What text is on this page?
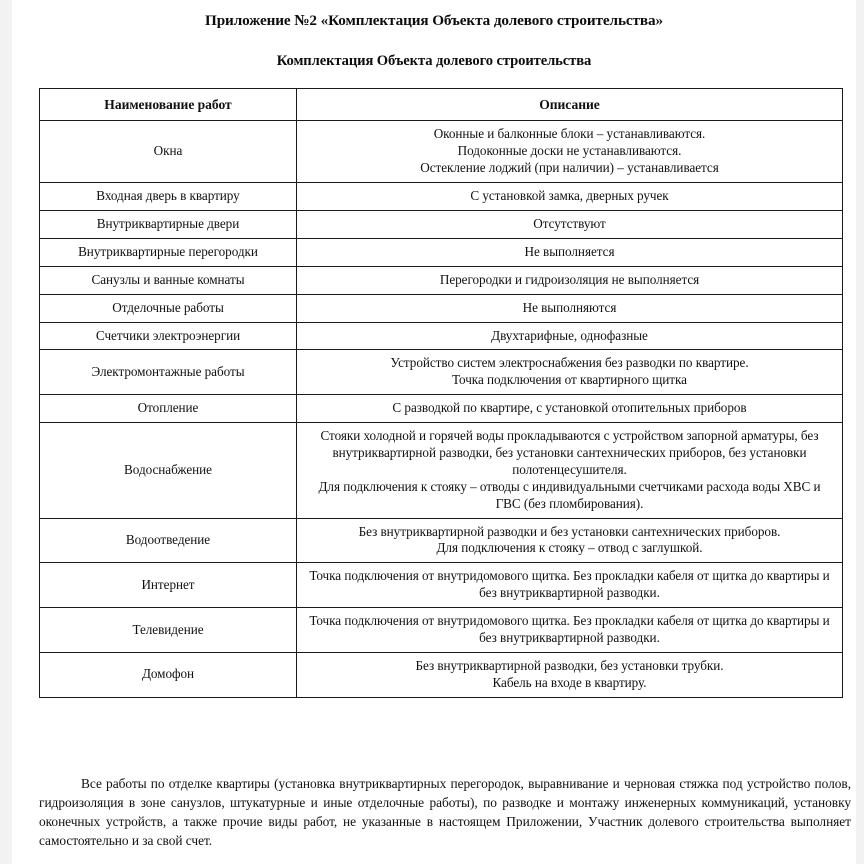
Приложение №2 «Комплектация Объекта долевого строительства»
Комплектация Объекта долевого строительства
Наименование работ	Описание
Окна	Оконные и балконные блоки – устанавливаются.
Подоконные доски не устанавливаются.
Остекление лоджий (при наличии) – устанавливается

Входная дверь в квартиру	С установкой замка, дверных ручек

Внутриквартирные двери	Отсутствуют

Внутриквартирные перегородки	Не выполняется

Санузлы и ванные комнаты	Перегородки и гидроизоляция не выполняется

Отделочные работы	Не выполняются

Счетчики электроэнергии	Двухтарифные, однофазные

Электромонтажные работы	Устройство систем электроснабжения без разводки по квартире.
Точка подключения от квартирного щитка

Отопление	С разводкой по квартире, с установкой отопительных приборов

Водоснабжение	Стояки холодной и горячей воды прокладываются с устройством запорной арматуры, без внутриквартирной разводки, без установки сантехнических приборов, без установки полотенцесушителя.
Для подключения к стояку – отводы с индивидуальными счетчиками расхода воды ХВС и ГВС (без пломбирования).

Водоотведение	Без внутриквартирной разводки и без установки сантехнических приборов.
Для подключения к стояку – отвод с заглушкой.

Интернет	Точка подключения от внутридомового щитка. Без прокладки кабеля от щитка до квартиры и без внутриквартирной разводки.

Телевидение	Точка подключения от внутридомового щитка. Без прокладки кабеля от щитка до квартиры и без внутриквартирной разводки.

Домофон	Без внутриквартирной разводки, без установки трубки.
Кабель на входе в квартиру.

Все работы по отделке квартиры (установка внутриквартирных перегородок, выравнивание и черновая стяжка под устройство полов, гидроизоляция в зоне санузлов, штукатурные и иные отделочные работы), по разводке и монтажу инженерных коммуникаций, установку оконечных устройств, а также прочие виды работ, не указанные в настоящем Приложении, Участник долевого строительства выполняет самостоятельно и за свой счет.
